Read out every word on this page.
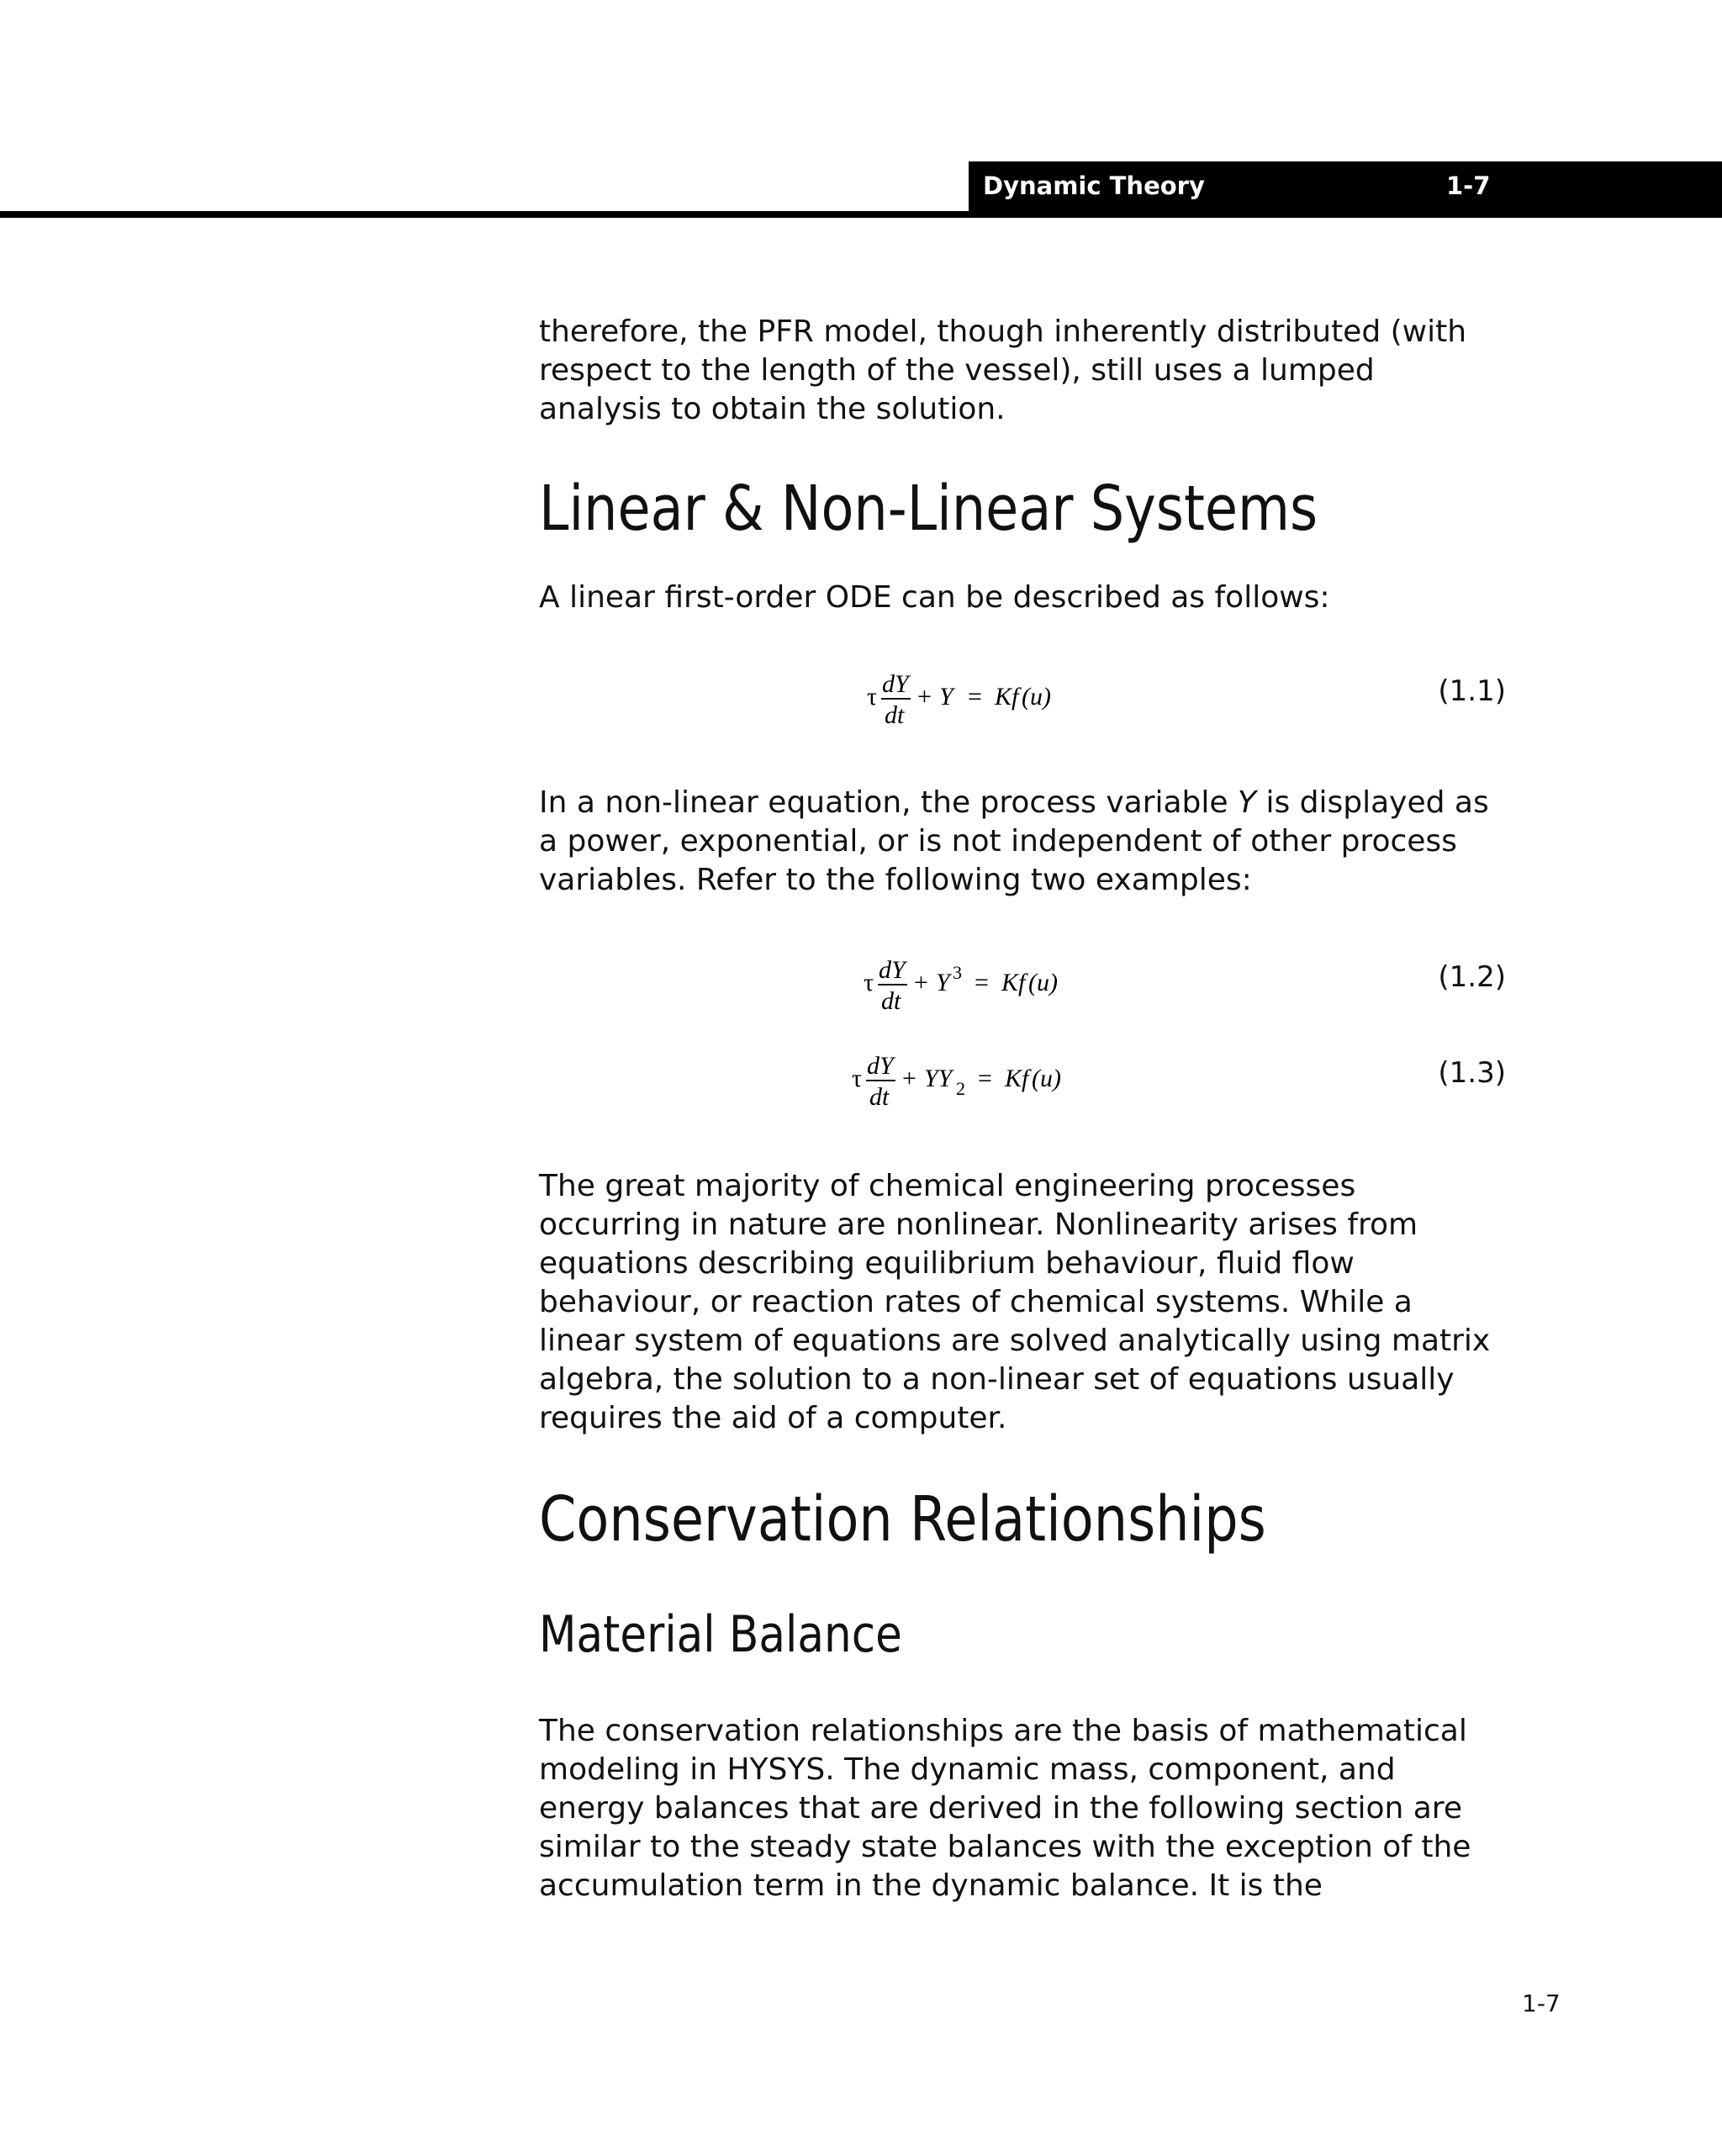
Dynamic Theory	1-7

therefore, the PFR model, though inherently distributed (with respect to the length of the vessel), still uses a lumped analysis to obtain the solution.

Linear & Non-Linear Systems

A linear first-order ODE can be described as follows:

τ dY
dt
+ Y = Kf (u)	(1.1)

In a non-linear equation, the process variable Y is displayed as a power, exponential, or is not independent of other process variables. Refer to the following two examples:

τ dY
dt
+ Y 3 = Kf (u)	(1.2)
τ dY
dt
+ YY 2 = Kf (u)	(1.3)

The great majority of chemical engineering processes occurring in nature are nonlinear. Nonlinearity arises from equations describing equilibrium behaviour, fluid flow behaviour, or reaction rates of chemical systems. While a linear system of equations are solved analytically using matrix algebra, the solution to a non-linear set of equations usually requires the aid of a computer.

Conservation Relationships
Material Balance

The conservation relationships are the basis of mathematical modeling in HYSYS. The dynamic mass, component, and energy balances that are derived in the following section are similar to the steady state balances with the exception of the accumulation term in the dynamic balance. It is the

1-7
